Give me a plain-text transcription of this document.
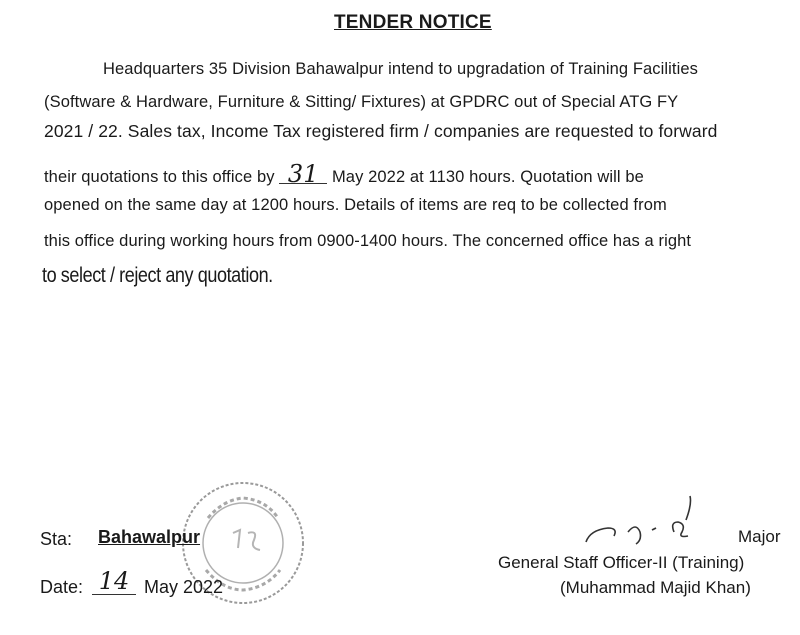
TENDER NOTICE
Headquarters 35 Division Bahawalpur intend to upgradation of Training Facilities
(Software & Hardware, Furniture & Sitting/ Fixtures) at GPDRC out of Special ATG FY
2021 / 22. Sales tax, Income Tax registered firm / companies are requested to forward
their quotations to this office by 31 May 2022 at 1130 hours. Quotation will be
opened on the same day at 1200 hours. Details of items are req to be collected from
this office during working hours from 0900-1400 hours. The concerned office has a right
to select / reject any quotation.
Sta: Bahawalpur
Date: 14 May 2022
Major
General Staff Officer-II (Training)
(Muhammad Majid Khan)
